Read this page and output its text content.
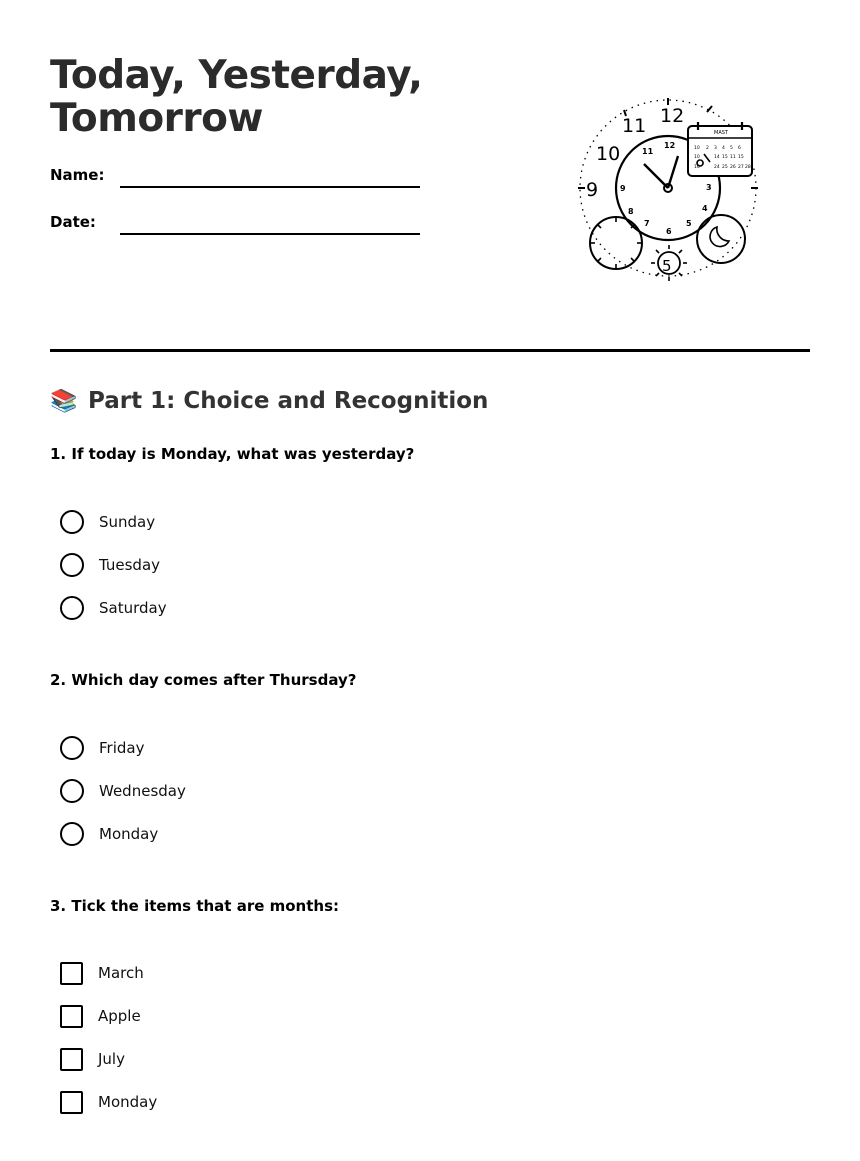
Today, Yesterday,
Tomorrow
Name:
Date:
12
11
10
9
5
12
11
9
8
7
6
5
4
3
MAST
10 2 3 4 5 6
10	14 15 11 15
16	24 25 26 27 28
📚 Part 1: Choice and Recognition

1. If today is Monday, what was yesterday?

Sunday
Tuesday
Saturday

2. Which day comes after Thursday?

Friday
Wednesday
Monday

3. Tick the items that are months:

March
Apple
July
Monday
